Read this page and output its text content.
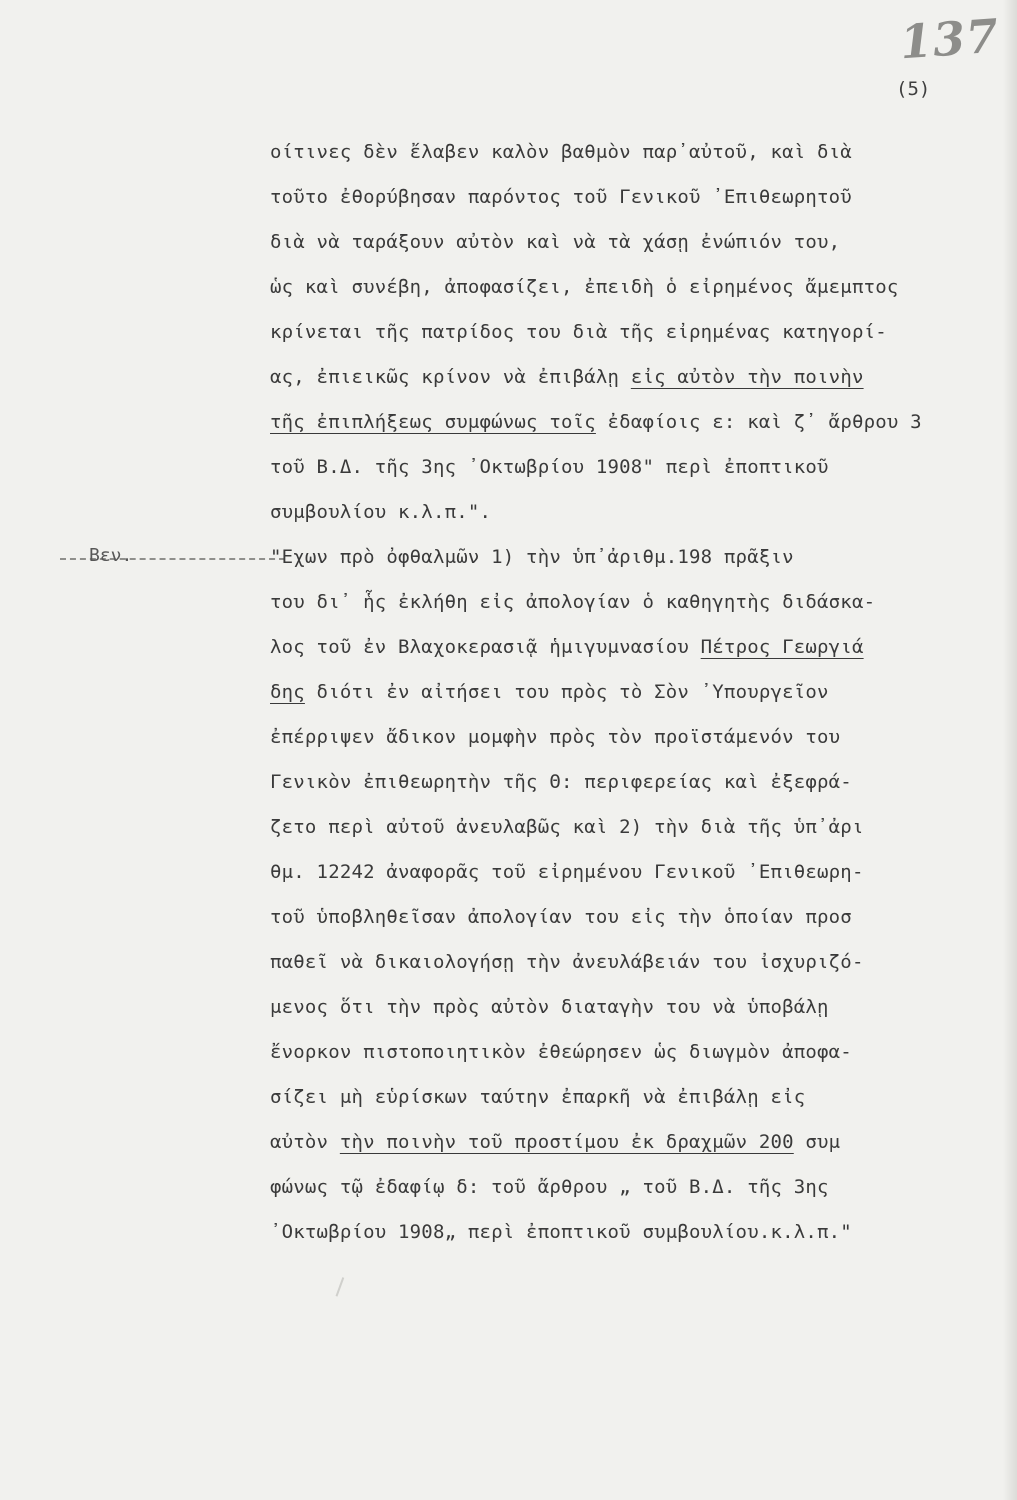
137
(5)
Βεν.
οίτινες δὲν ἔλαβεν καλὸν βαθμὸν παρ᾽αὐτοῦ, καὶ διὰ
τοῦτο ἐθορύβησαν παρόντος τοῦ Γενικοῦ ᾿Επιθεωρητοῦ
διὰ νὰ ταράξουν αὐτὸν καὶ νὰ τὰ χάσῃ ἐνώπιόν του,
ὡς καὶ συνέβη, ἀποφασίζει, ἐπειδὴ ὁ εἰρημένος ἄμεμπτος
κρίνεται τῆς πατρίδος του διὰ τῆς εἰρημένας κατηγορί-
ας, ἐπιεικῶς κρίνον νὰ ἐπιβάλῃ εἰς αὐτὸν τὴν ποινὴν
τῆς ἐπιπλήξεως συμφώνως τοῖς ἐδαφίοις ε: καὶ ζ᾽ ἄρθρου 3
τοῦ Β.Δ. τῆς 3ης ᾿Οκτωβρίου 1908" περὶ ἐποπτικοῦ
συμβουλίου κ.λ.π.".
"Εχων πρὸ ὀφθαλμῶν 1) τὴν ὑπ᾽ἀριθμ.198 πρᾶξιν
του δι᾽ ἧς ἐκλήθη εἰς ἀπολογίαν ὁ καθηγητὴς διδάσκα-
λος τοῦ ἐν Βλαχοκερασιᾷ ἡμιγυμνασίου Πέτρος Γεωργιά
δης διότι ἐν αἰτήσει του πρὸς τὸ Σὸν ᾿Υπουργεῖον
ἐπέρριψεν ἄδικον μομφὴν πρὸς τὸν προϊστάμενόν του
Γενικὸν ἐπιθεωρητὴν τῆς Θ: περιφερείας καὶ ἐξεφρά-
ζετο περὶ αὐτοῦ ἀνευλαβῶς καὶ 2) τὴν διὰ τῆς ὑπ᾽ἀρι
θμ. 12242 ἀναφορᾶς τοῦ εἰρημένου Γενικοῦ ᾿Επιθεωρη-
τοῦ ὑποβληθεῖσαν ἀπολογίαν του εἰς τὴν ὁποίαν προσ
παθεῖ νὰ δικαιολογήσῃ τὴν ἀνευλάβειάν του ἰσχυριζό-
μενος ὅτι τὴν πρὸς αὐτὸν διαταγὴν του νὰ ὑποβάλῃ
ἔνορκον πιστοποιητικὸν ἐθεώρησεν ὡς διωγμὸν ἀποφα-
σίζει μὴ εὑρίσκων ταύτην ἐπαρκῆ νὰ ἐπιβάλῃ εἰς
αὐτὸν τὴν ποινὴν τοῦ προστίμου ἐκ δραχμῶν 200 συμ
φώνως τῷ ἐδαφίῳ δ: τοῦ ἄρθρου „ τοῦ Β.Δ. τῆς 3ης
᾿Οκτωβρίου 1908„ περὶ ἐποπτικοῦ συμβουλίου.κ.λ.π."
